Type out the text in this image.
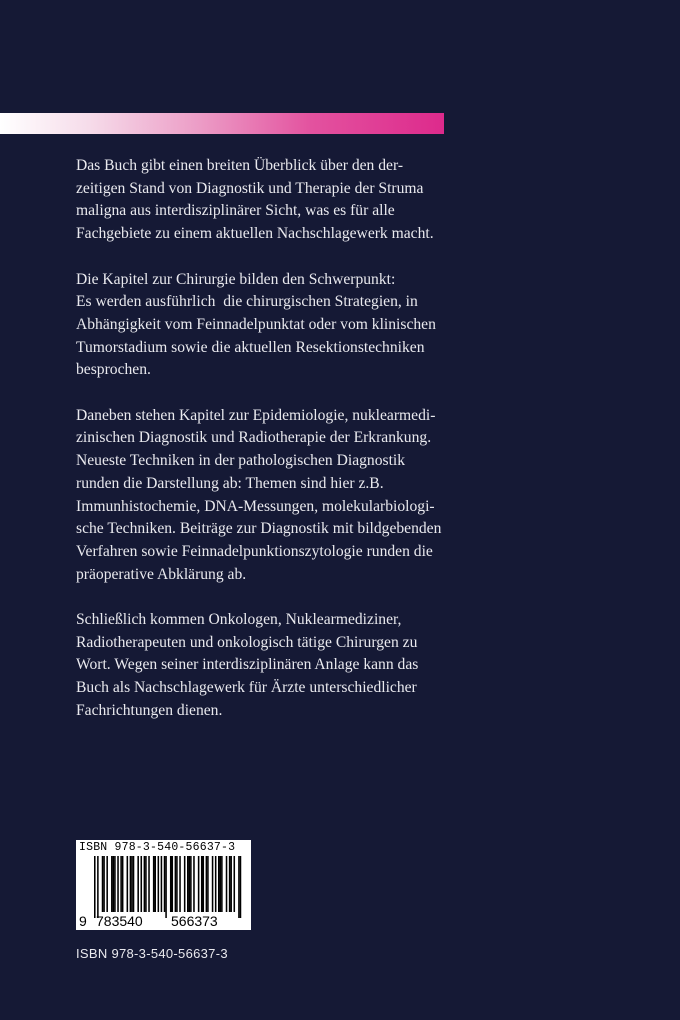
Das Buch gibt einen breiten Überblick über den der-
zeitigen Stand von Diagnostik und Therapie der Struma
maligna aus interdisziplinärer Sicht, was es für alle
Fachgebiete zu einem aktuellen Nachschlagewerk macht.

Die Kapitel zur Chirurgie bilden den Schwerpunkt:
Es werden ausführlich  die chirurgischen Strategien, in
Abhängigkeit vom Feinnadelpunktat oder vom klinischen
Tumorstadium sowie die aktuellen Resektionstechniken
besprochen.

Daneben stehen Kapitel zur Epidemiologie, nuklearmedi-
zinischen Diagnostik und Radiotherapie der Erkrankung.
Neueste Techniken in der pathologischen Diagnostik
runden die Darstellung ab: Themen sind hier z.B.
Immunhistochemie, DNA-Messungen, molekularbiologi-
sche Techniken. Beiträge zur Diagnostik mit bildgebenden
Verfahren sowie Feinnadelpunktionszytologie runden die
präoperative Abklärung ab.

Schließlich kommen Onkologen, Nuklearmediziner,
Radiotherapeuten und onkologisch tätige Chirurgen zu
Wort. Wegen seiner interdisziplinären Anlage kann das
Buch als Nachschlagewerk für Ärzte unterschiedlicher
Fachrichtungen dienen.

ISBN 978-3-540-56637-3
9 783540 566373
ISBN 978-3-540-56637-3
